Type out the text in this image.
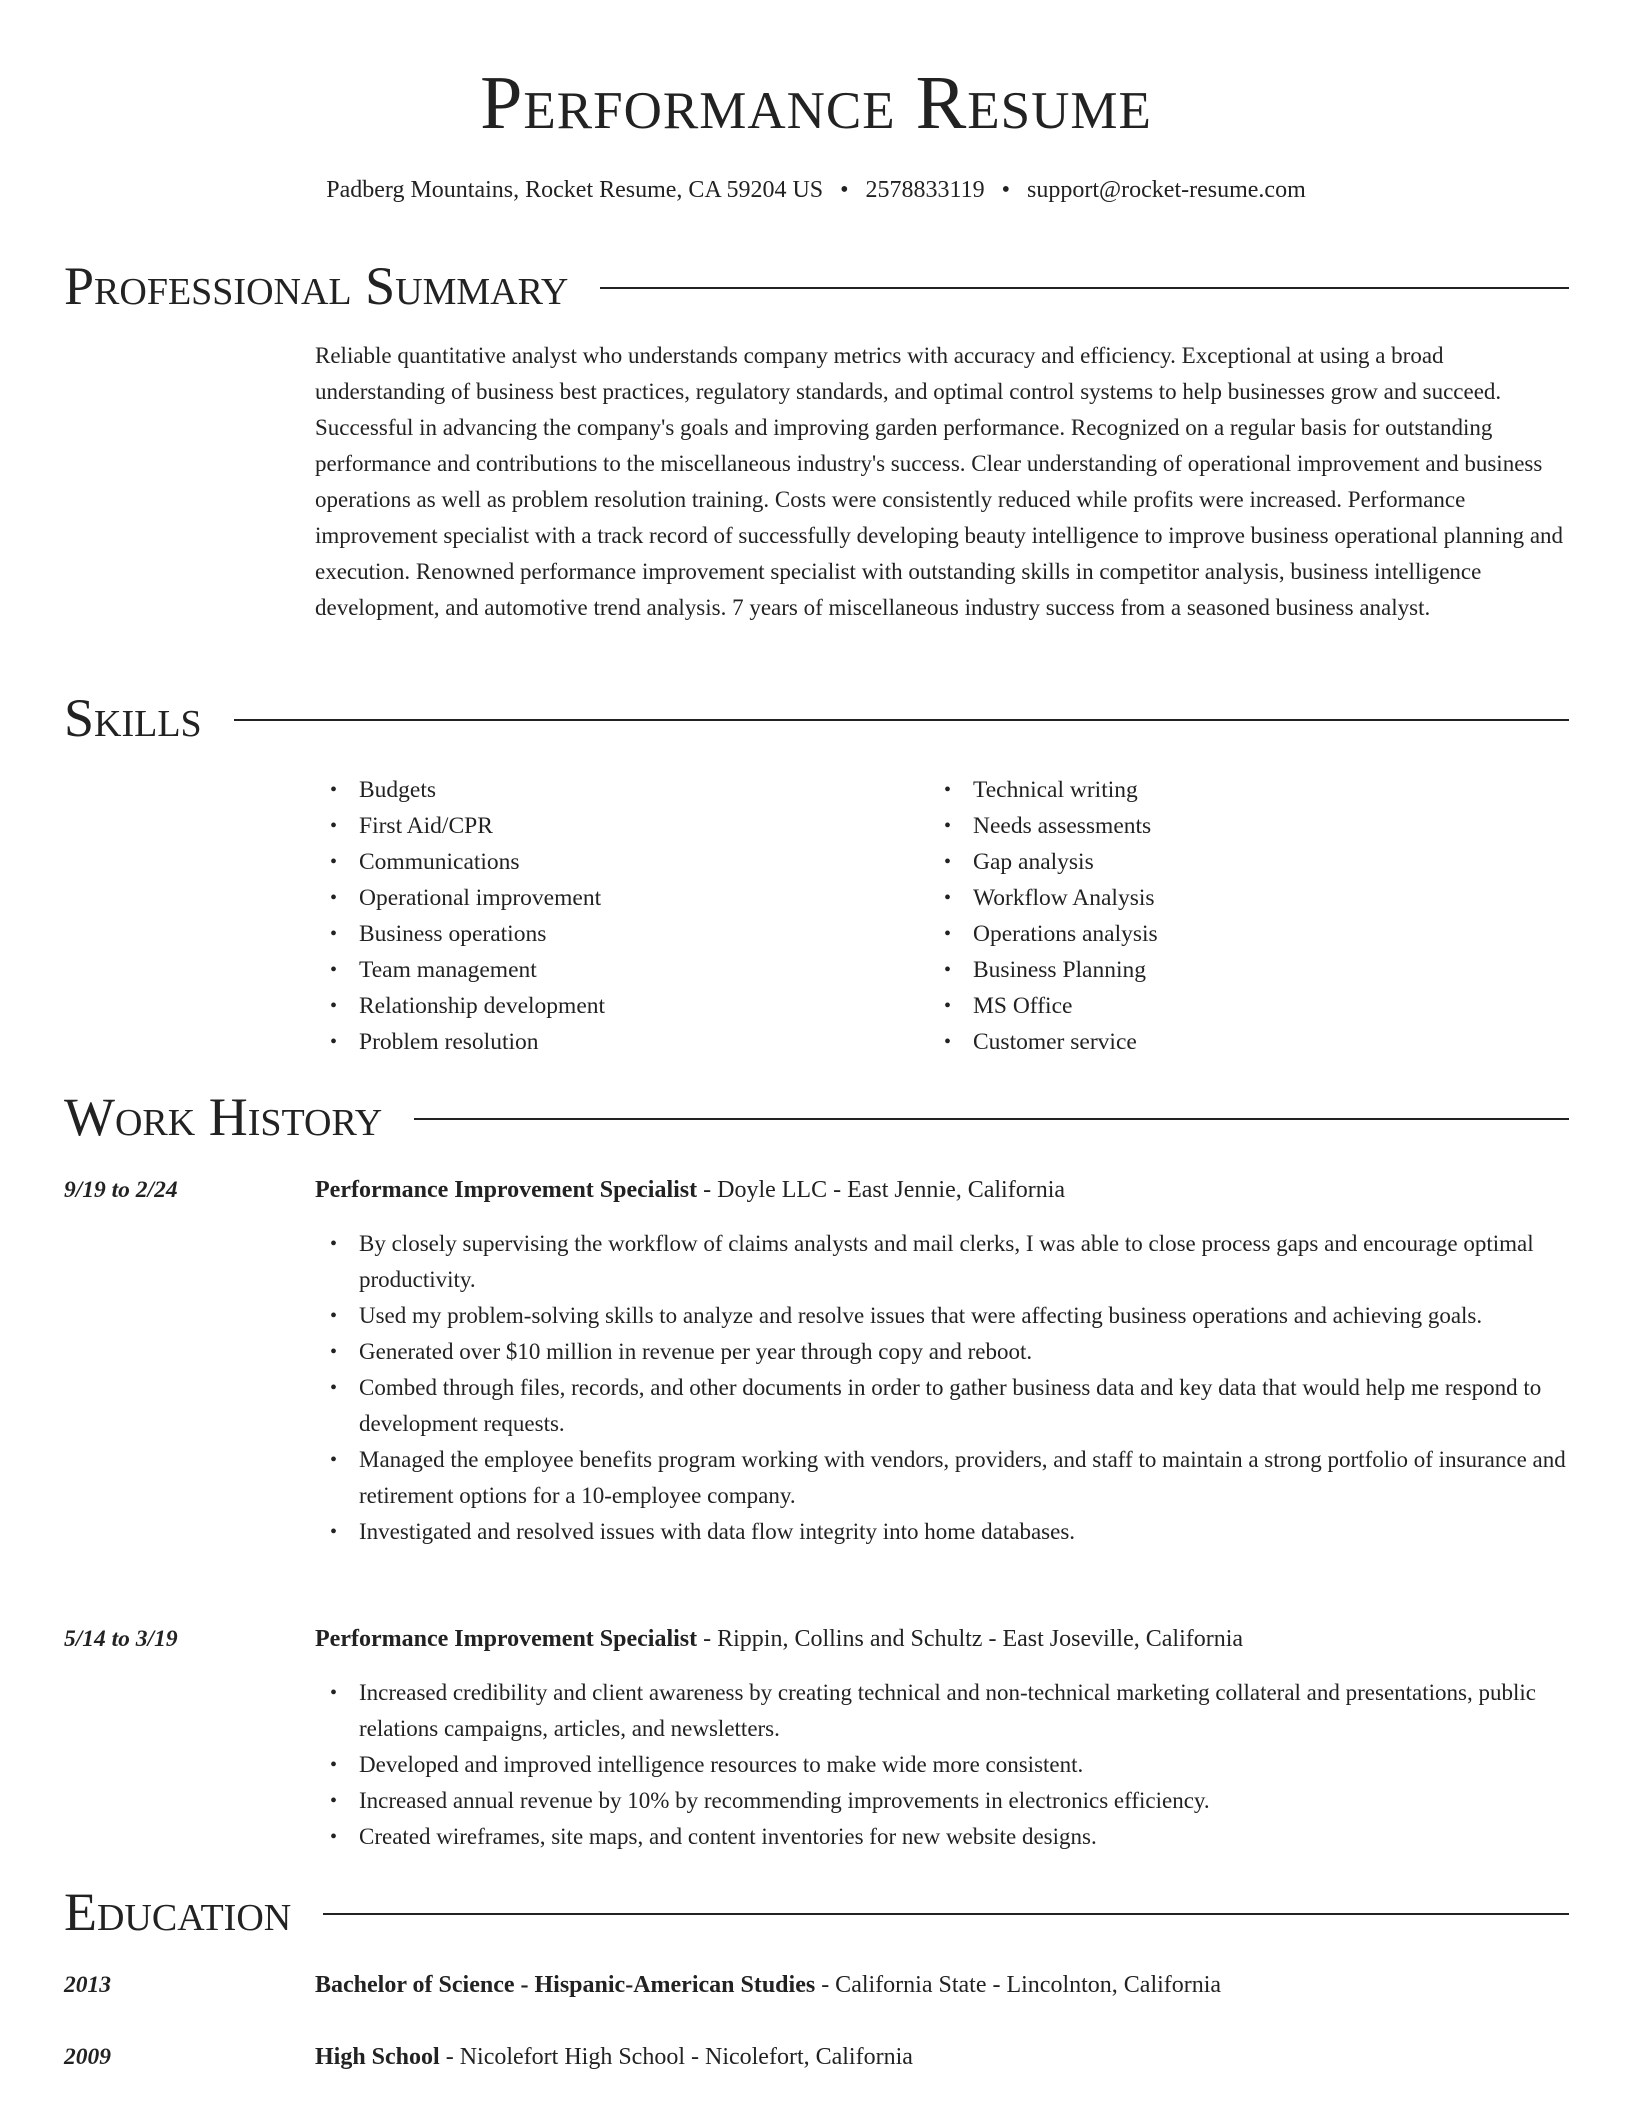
Performance Resume
Padberg Mountains, Rocket Resume, CA 59204 US • 2578833119 • support@rocket-resume.com
Professional Summary

Reliable quantitative analyst who understands company metrics with accuracy and efficiency. Exceptional at using a broad understanding of business best practices, regulatory standards, and optimal control systems to help businesses grow and succeed. Successful in advancing the company's goals and improving garden performance. Recognized on a regular basis for outstanding performance and contributions to the miscellaneous industry's success. Clear understanding of operational improvement and business operations as well as problem resolution training. Costs were consistently reduced while profits were increased. Performance improvement specialist with a track record of successfully developing beauty intelligence to improve business operational planning and execution. Renowned performance improvement specialist with outstanding skills in competitor analysis, business intelligence development, and automotive trend analysis. 7 years of miscellaneous industry success from a seasoned business analyst.

Skills
• Budgets
• First Aid/CPR
• Communications
• Operational improvement
• Business operations
• Team management
• Relationship development
• Problem resolution
• Technical writing
• Needs assessments
• Gap analysis
• Workflow Analysis
• Operations analysis
• Business Planning
• MS Office
• Customer service
Work History
9/19 to 2/24	Performance Improvement Specialist - Doyle LLC - East Jennie, California
• By closely supervising the workflow of claims analysts and mail clerks, I was able to close process gaps and encourage optimal productivity.
• Used my problem-solving skills to analyze and resolve issues that were affecting business operations and achieving goals.
• Generated over $10 million in revenue per year through copy and reboot.
• Combed through files, records, and other documents in order to gather business data and key data that would help me respond to development requests.
• Managed the employee benefits program working with vendors, providers, and staff to maintain a strong portfolio of insurance and retirement options for a 10-employee company.
• Investigated and resolved issues with data flow integrity into home databases.
5/14 to 3/19	Performance Improvement Specialist - Rippin, Collins and Schultz - East Joseville, California
• Increased credibility and client awareness by creating technical and non-technical marketing collateral and presentations, public relations campaigns, articles, and newsletters.
• Developed and improved intelligence resources to make wide more consistent.
• Increased annual revenue by 10% by recommending improvements in electronics efficiency.
• Created wireframes, site maps, and content inventories for new website designs.
Education
2013	Bachelor of Science - Hispanic-American Studies - California State - Lincolnton, California
2009	High School - Nicolefort High School - Nicolefort, California
